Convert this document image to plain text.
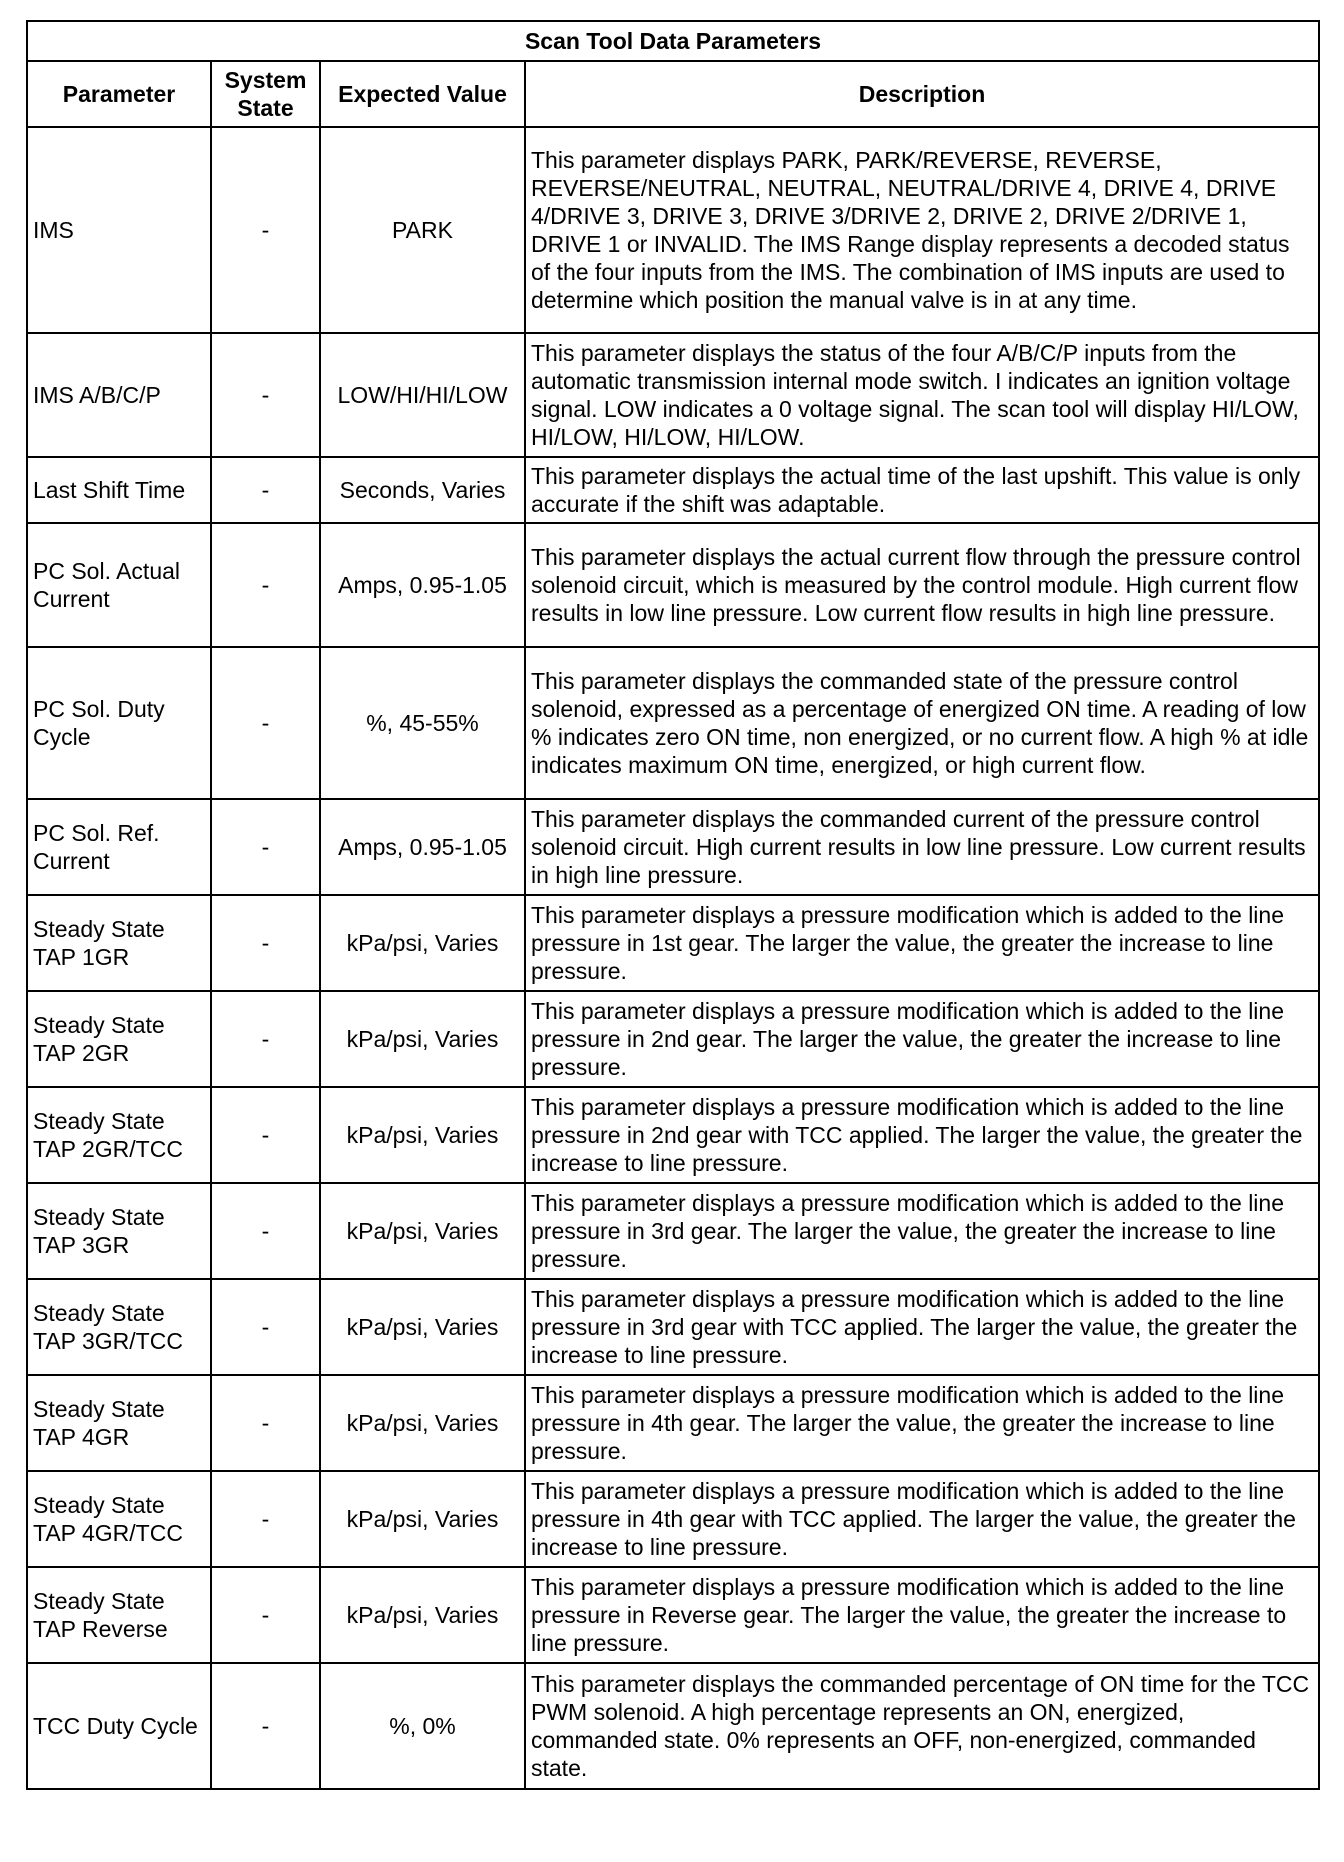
Scan Tool Data Parameters			
Parameter	System State	Expected Value	Description
IMS	-	PARK	This parameter displays PARK, PARK/REVERSE, REVERSE, REVERSE/NEUTRAL, NEUTRAL, NEUTRAL/DRIVE 4, DRIVE 4, DRIVE 4/DRIVE 3, DRIVE 3, DRIVE 3/DRIVE 2, DRIVE 2, DRIVE 2/DRIVE 1, DRIVE 1 or INVALID. The IMS Range display represents a decoded status of the four inputs from the IMS. The combination of IMS inputs are used to determine which position the manual valve is in at any time.
IMS A/B/C/P	-	LOW/HI/HI/LOW	This parameter displays the status of the four A/B/C/P inputs from the automatic transmission internal mode switch. I indicates an ignition voltage signal. LOW indicates a 0 voltage signal. The scan tool will display HI/LOW, HI/LOW, HI/LOW, HI/LOW.
Last Shift Time	-	Seconds, Varies	This parameter displays the actual time of the last upshift. This value is only accurate if the shift was adaptable.
PC Sol. Actual Current	-	Amps, 0.95-1.05	This parameter displays the actual current flow through the pressure control solenoid circuit, which is measured by the control module. High current flow results in low line pressure. Low current flow results in high line pressure.
PC Sol. Duty Cycle	-	%, 45-55%	This parameter displays the commanded state of the pressure control solenoid, expressed as a percentage of energized ON time. A reading of low % indicates zero ON time, non energized, or no current flow. A high % at idle indicates maximum ON time, energized, or high current flow.
PC Sol. Ref. Current	-	Amps, 0.95-1.05	This parameter displays the commanded current of the pressure control solenoid circuit. High current results in low line pressure. Low current results in high line pressure.
Steady State TAP 1GR	-	kPa/psi, Varies	This parameter displays a pressure modification which is added to the line pressure in 1st gear. The larger the value, the greater the increase to line pressure.
Steady State TAP 2GR	-	kPa/psi, Varies	This parameter displays a pressure modification which is added to the line pressure in 2nd gear. The larger the value, the greater the increase to line pressure.
Steady State TAP 2GR/TCC	-	kPa/psi, Varies	This parameter displays a pressure modification which is added to the line pressure in 2nd gear with TCC applied. The larger the value, the greater the increase to line pressure.
Steady State TAP 3GR	-	kPa/psi, Varies	This parameter displays a pressure modification which is added to the line pressure in 3rd gear. The larger the value, the greater the increase to line pressure.
Steady State TAP 3GR/TCC	-	kPa/psi, Varies	This parameter displays a pressure modification which is added to the line pressure in 3rd gear with TCC applied. The larger the value, the greater the increase to line pressure.
Steady State TAP 4GR	-	kPa/psi, Varies	This parameter displays a pressure modification which is added to the line pressure in 4th gear. The larger the value, the greater the increase to line pressure.
Steady State TAP 4GR/TCC	-	kPa/psi, Varies	This parameter displays a pressure modification which is added to the line pressure in 4th gear with TCC applied. The larger the value, the greater the increase to line pressure.
Steady State TAP Reverse	-	kPa/psi, Varies	This parameter displays a pressure modification which is added to the line pressure in Reverse gear. The larger the value, the greater the increase to line pressure.
TCC Duty Cycle	-	%, 0%	This parameter displays the commanded percentage of ON time for the TCC PWM solenoid. A high percentage represents an ON, energized, commanded state. 0% represents an OFF, non-energized, commanded state.
